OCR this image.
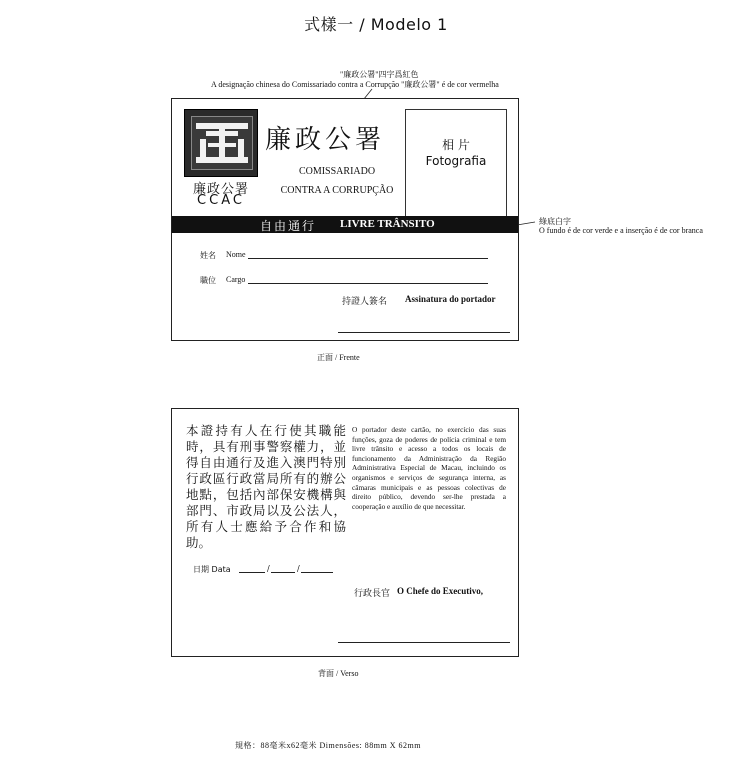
式樣一 / Modelo 1
"廉政公署"四字爲紅色
A designação chinesa do Comissariado contra a Corrupção "廉政公署" é de cor vermelha
綠底白字
O fundo é de cor verde e a inserção é de cor branca
廉政公署
CCAC
廉政公署
COMISSARIADO
CONTRA A CORRUPÇÃO
相 片
Fotografia
自由通行 LIVRE TRÂNSITO
姓名 Nome
職位 Cargo
持證人簽名 Assinatura do portador
正面 / Frente
本證持有人在行使其職能時，具有刑事警察權力，並得自由通行及進入澳門特別行政區行政當局所有的辦公地點，包括內部保安機構與部門、市政局以及公法人，所有人士應給予合作和協助。
O portador deste cartão, no exercício das suas funções, goza de poderes de polícia criminal e tem livre trânsito e acesso a todos os locais de funcionamento da Administração da Região Administrativa Especial de Macau, incluindo os organismos e serviços de segurança interna, as câmaras municipais e as pessoas colectivas de direito público, devendo ser-lhe prestada a cooperação e auxílio de que necessitar.
日期 Data	/	/
行政長官 O Chefe do Executivo,
背面 / Verso
規格：88毫米x62毫米 Dimensões: 88mm X 62mm
